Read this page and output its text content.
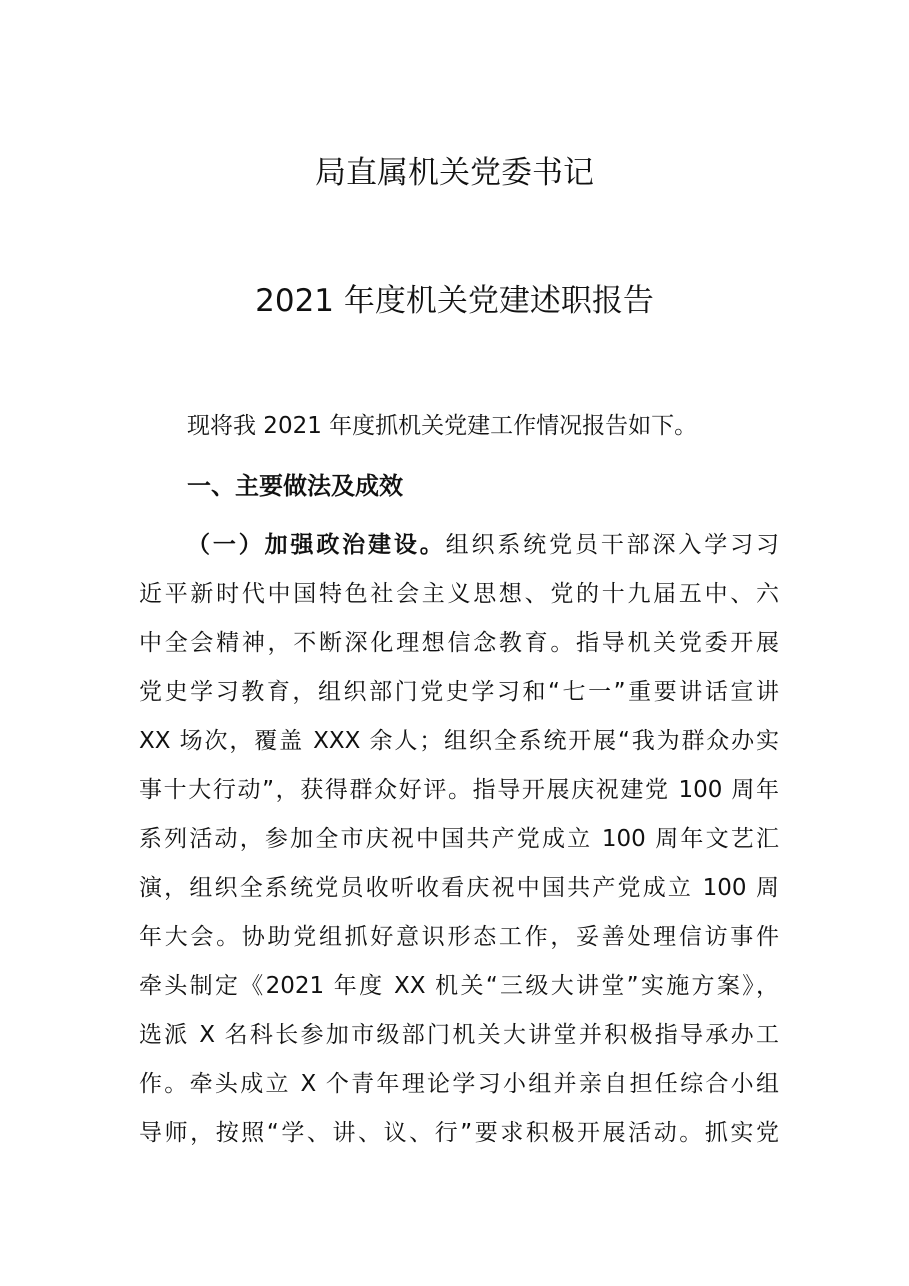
局直属机关党委书记
2021 年度机关党建述职报告

现将我 2021 年度抓机关党建工作情况报告如下。

一、主要做法及成效
（一）加强政治建设。组织系统党员干部深入学习习
近平新时代中国特色社会主义思想、党的十九届五中、六
中全会精神，不断深化理想信念教育。指导机关党委开展
党史学习教育，组织部门党史学习和“七一”重要讲话宣讲
XX 场次，覆盖 XXX 余人；组织全系统开展“我为群众办实
事十大行动”，获得群众好评。指导开展庆祝建党 100 周年
系列活动，参加全市庆祝中国共产党成立 100 周年文艺汇
演，组织全系统党员收听收看庆祝中国共产党成立 100 周
年大会。协助党组抓好意识形态工作，妥善处理信访事件
牵头制定《2021 年度 XX 机关“三级大讲堂”实施方案》，
选派 X 名科长参加市级部门机关大讲堂并积极指导承办工
作。牵头成立 X 个青年理论学习小组并亲自担任综合小组
导师，按照“学、讲、议、行”要求积极开展活动。抓实党
